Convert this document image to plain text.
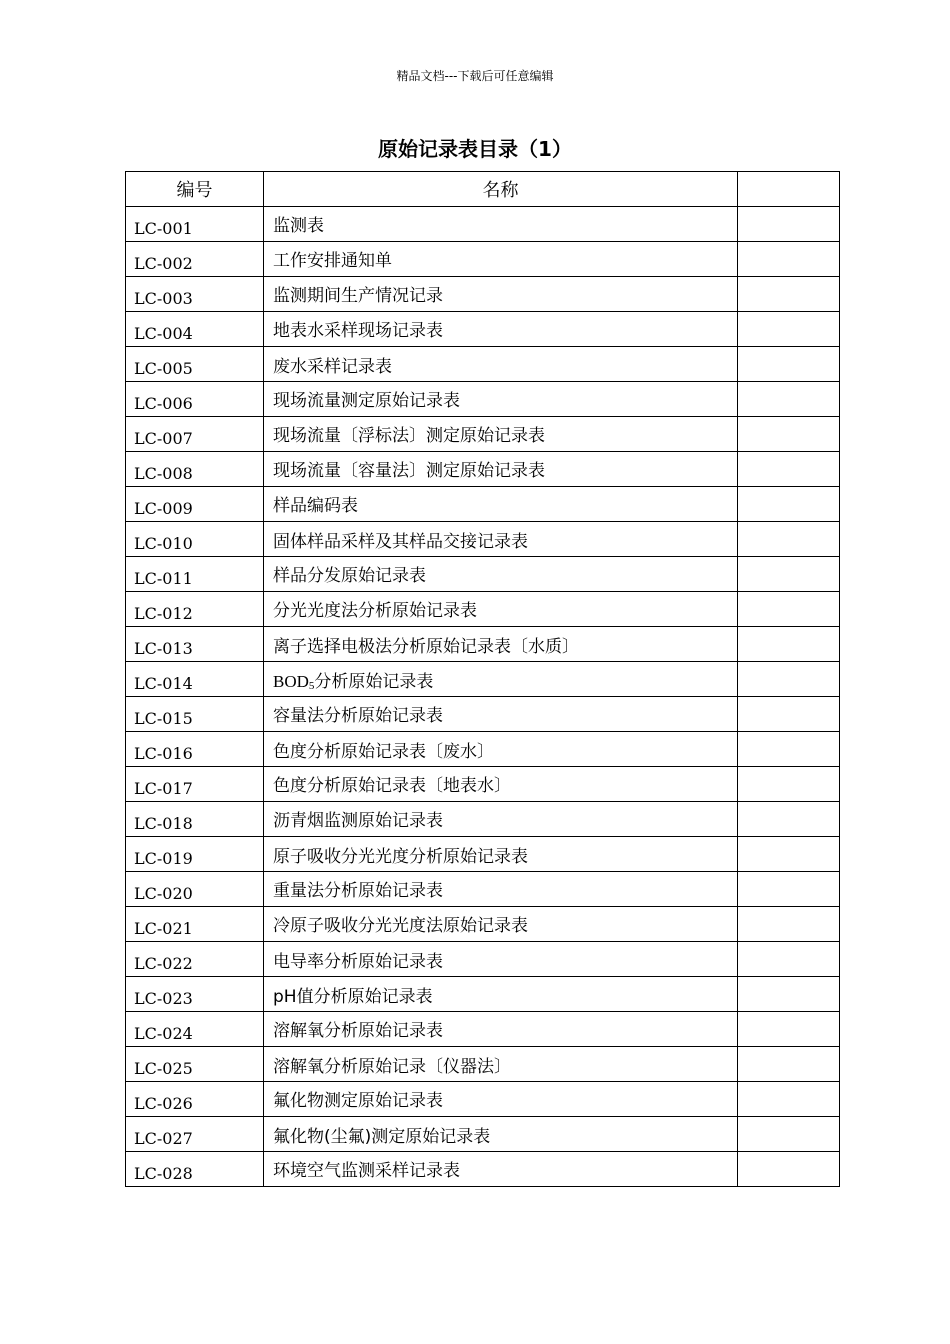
精品文档---下载后可任意编辑
原始记录表目录（1）
编号	名称	
LC-001	监测表	
LC-002	工作安排通知单	
LC-003	监测期间生产情况记录	
LC-004	地表水采样现场记录表	
LC-005	废水采样记录表	
LC-006	现场流量测定原始记录表	
LC-007	现场流量〔浮标法〕测定原始记录表	
LC-008	现场流量〔容量法〕测定原始记录表	
LC-009	样品编码表	
LC-010	固体样品采样及其样品交接记录表	
LC-011	样品分发原始记录表	
LC-012	分光光度法分析原始记录表	
LC-013	离子选择电极法分析原始记录表〔水质〕	
LC-014	BOD5分析原始记录表	
LC-015	容量法分析原始记录表	
LC-016	色度分析原始记录表〔废水〕	
LC-017	色度分析原始记录表〔地表水〕	
LC-018	沥青烟监测原始记录表	
LC-019	原子吸收分光光度分析原始记录表	
LC-020	重量法分析原始记录表	
LC-021	冷原子吸收分光光度法原始记录表	
LC-022	电导率分析原始记录表	
LC-023	pH值分析原始记录表	
LC-024	溶解氧分析原始记录表	
LC-025	溶解氧分析原始记录〔仪器法〕	
LC-026	氟化物测定原始记录表	
LC-027	氟化物(尘氟)测定原始记录表	
LC-028	环境空气监测采样记录表	
